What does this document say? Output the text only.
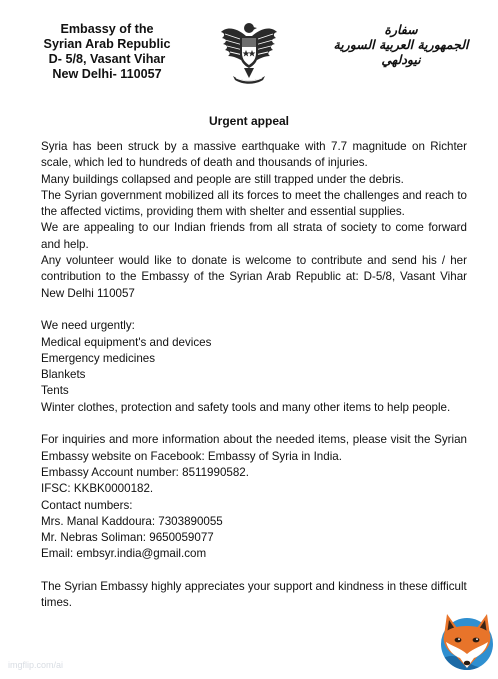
Embassy of the
Syrian Arab Republic
D- 5/8, Vasant Vihar
New Delhi- 110057
سفارة
الجمهورية العربية السورية
نيودلهي
Urgent appeal

Syria has been struck by a massive earthquake with 7.7 magnitude on Richter scale, which led to hundreds of death and thousands of injuries.

Many buildings collapsed and people are still trapped under the debris.

The Syrian government mobilized all its forces to meet the challenges and reach to the affected victims, providing them with shelter and essential supplies.

We are appealing to our Indian friends from all strata of society to come forward and help.

Any volunteer would like to donate is welcome to contribute and send his / her contribution to the Embassy of the Syrian Arab Republic at: D-5/8, Vasant Vihar New Delhi 110057

We need urgently:
Medical equipment's and devices
Emergency medicines
Blankets
Tents

Winter clothes, protection and safety tools and many other items to help people.

For inquiries and more information about the needed items, please visit the Syrian Embassy website on Facebook: Embassy of Syria in India.

Embassy Account number: 8511990582.
IFSC: KKBK0000182.
Contact numbers:
Mrs. Manal Kaddoura: 7303890055
Mr. Nebras Soliman: 9650059077
Email: embsyr.india@gmail.com

The Syrian Embassy highly appreciates your support and kindness in these difficult times.

imgflip.com/ai
